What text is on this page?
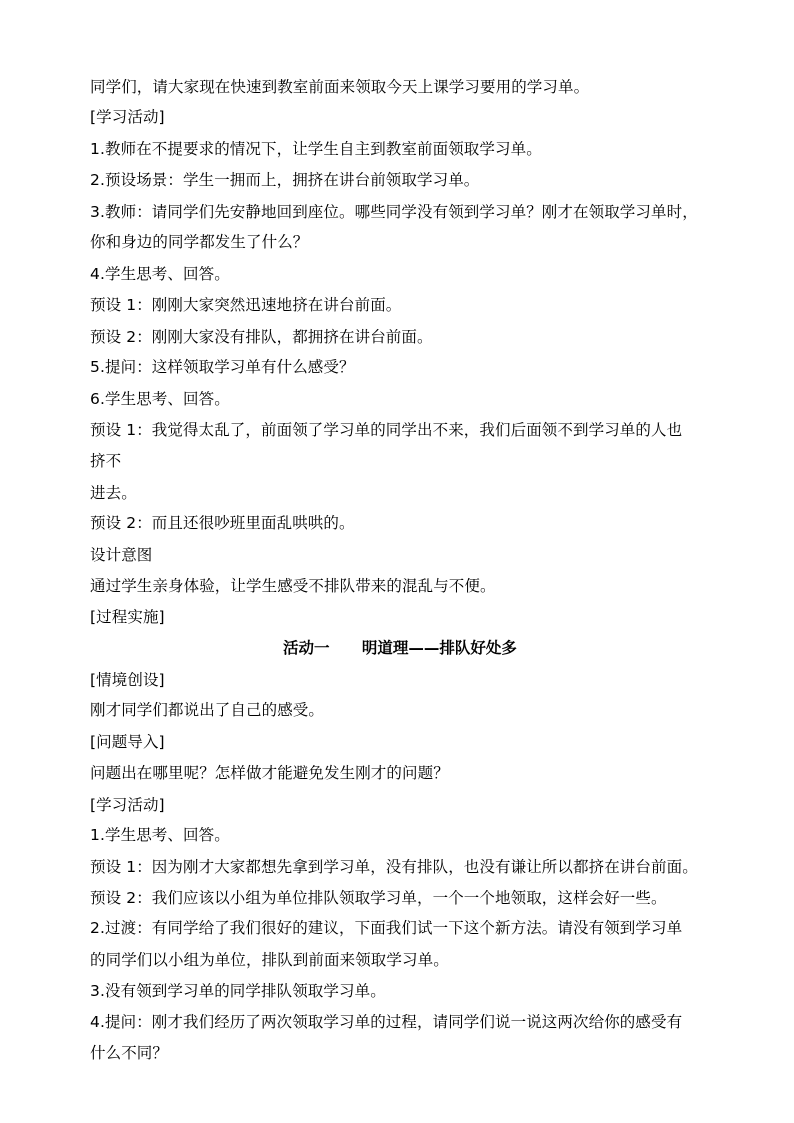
同学们，请大家现在快速到教室前面来领取今天上课学习要用的学习单。
[学习活动]
1.教师在不提要求的情况下，让学生自主到教室前面领取学习单。
2.预设场景：学生一拥而上，拥挤在讲台前领取学习单。
3.教师：请同学们先安静地回到座位。哪些同学没有领到学习单？刚才在领取学习单时，
你和身边的同学都发生了什么？
4.学生思考、回答。
预设 1：刚刚大家突然迅速地挤在讲台前面。
预设 2：刚刚大家没有排队，都拥挤在讲台前面。
5.提问：这样领取学习单有什么感受？
6.学生思考、回答。
预设 1：我觉得太乱了，前面领了学习单的同学出不来，我们后面领不到学习单的人也
挤不
进去。
预设 2：而且还很吵班里面乱哄哄的。
设计意图
通过学生亲身体验，让学生感受不排队带来的混乱与不便。
[过程实施]
活动一      明道理——排队好处多
[情境创设]
刚才同学们都说出了自己的感受。
[问题导入]
问题出在哪里呢？怎样做才能避免发生刚才的问题？
[学习活动]
1.学生思考、回答。
预设 1：因为刚才大家都想先拿到学习单，没有排队，也没有谦让所以都挤在讲台前面。
预设 2：我们应该以小组为单位排队领取学习单，一个一个地领取，这样会好一些。
2.过渡：有同学给了我们很好的建议，下面我们试一下这个新方法。请没有领到学习单
的同学们以小组为单位，排队到前面来领取学习单。
3.没有领到学习单的同学排队领取学习单。
4.提问：刚才我们经历了两次领取学习单的过程，请同学们说一说这两次给你的感受有
什么不同？
